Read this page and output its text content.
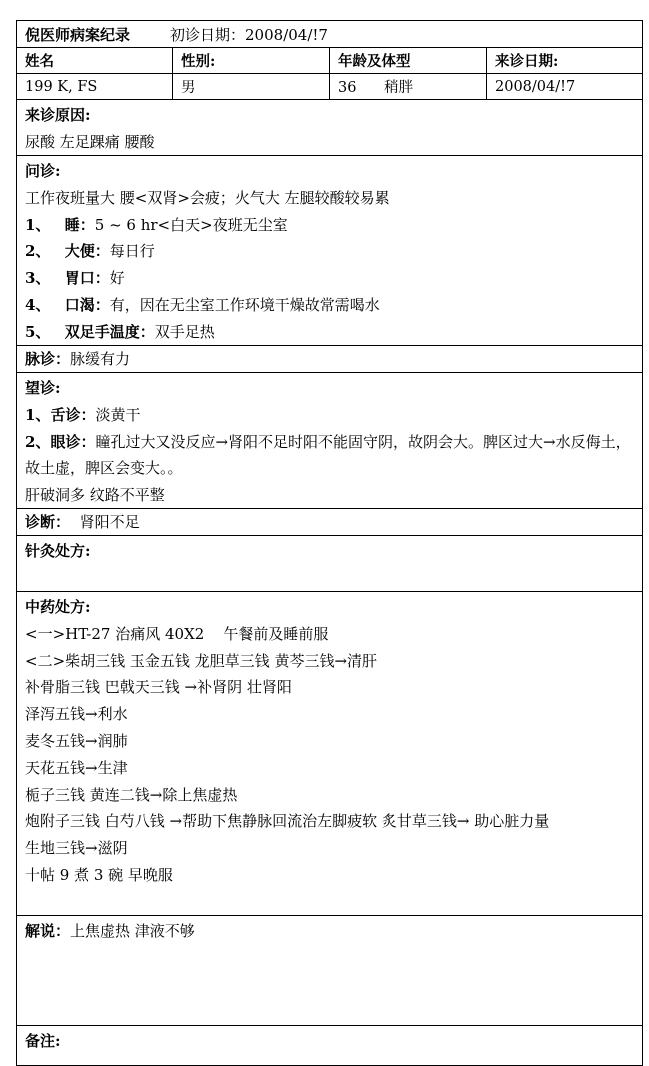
倪医师病案纪录	初诊日期：2008/04/!7
姓名	性别:	年龄及体型	来诊日期:
199 K, FS	男	36      稍胖	2008/04/!7
来诊原因:
尿酸 左足踝痛 腰酸
问诊:
工作夜班量大 腰<双肾>会疲；火气大 左腿较酸较易累
1、 睡：5 ~ 6 hr<白天>夜班无尘室
2、 大便：每日行
3、 胃口：好
4、 口渴：有，因在无尘室工作环境干燥故常需喝水
5、 双足手温度：双手足热
脉诊：脉缓有力
望诊:
1、舌诊：淡黄干
2、眼诊：瞳孔过大又没反应→肾阳不足时阳不能固守阴，故阴会大。脾区过大→水反侮土，故土虚，脾区会变大。。
肝破洞多 纹路不平整
诊断： 肾阳不足
针灸处方:
中药处方:
<一>HT-27 治痛风 40X2    午餐前及睡前服
<二>柴胡三钱 玉金五钱 龙胆草三钱 黄芩三钱→清肝
补骨脂三钱 巴戟天三钱 →补肾阴 壮肾阳
泽泻五钱→利水
麦冬五钱→润肺
天花五钱→生津
栀子三钱 黄连二钱→除上焦虚热
炮附子三钱 白芍八钱 →帮助下焦静脉回流治左脚疲软 炙甘草三钱→ 助心脏力量
生地三钱→滋阴
十帖 9 煮 3 碗 早晚服
解说：上焦虚热 津液不够
备注:
